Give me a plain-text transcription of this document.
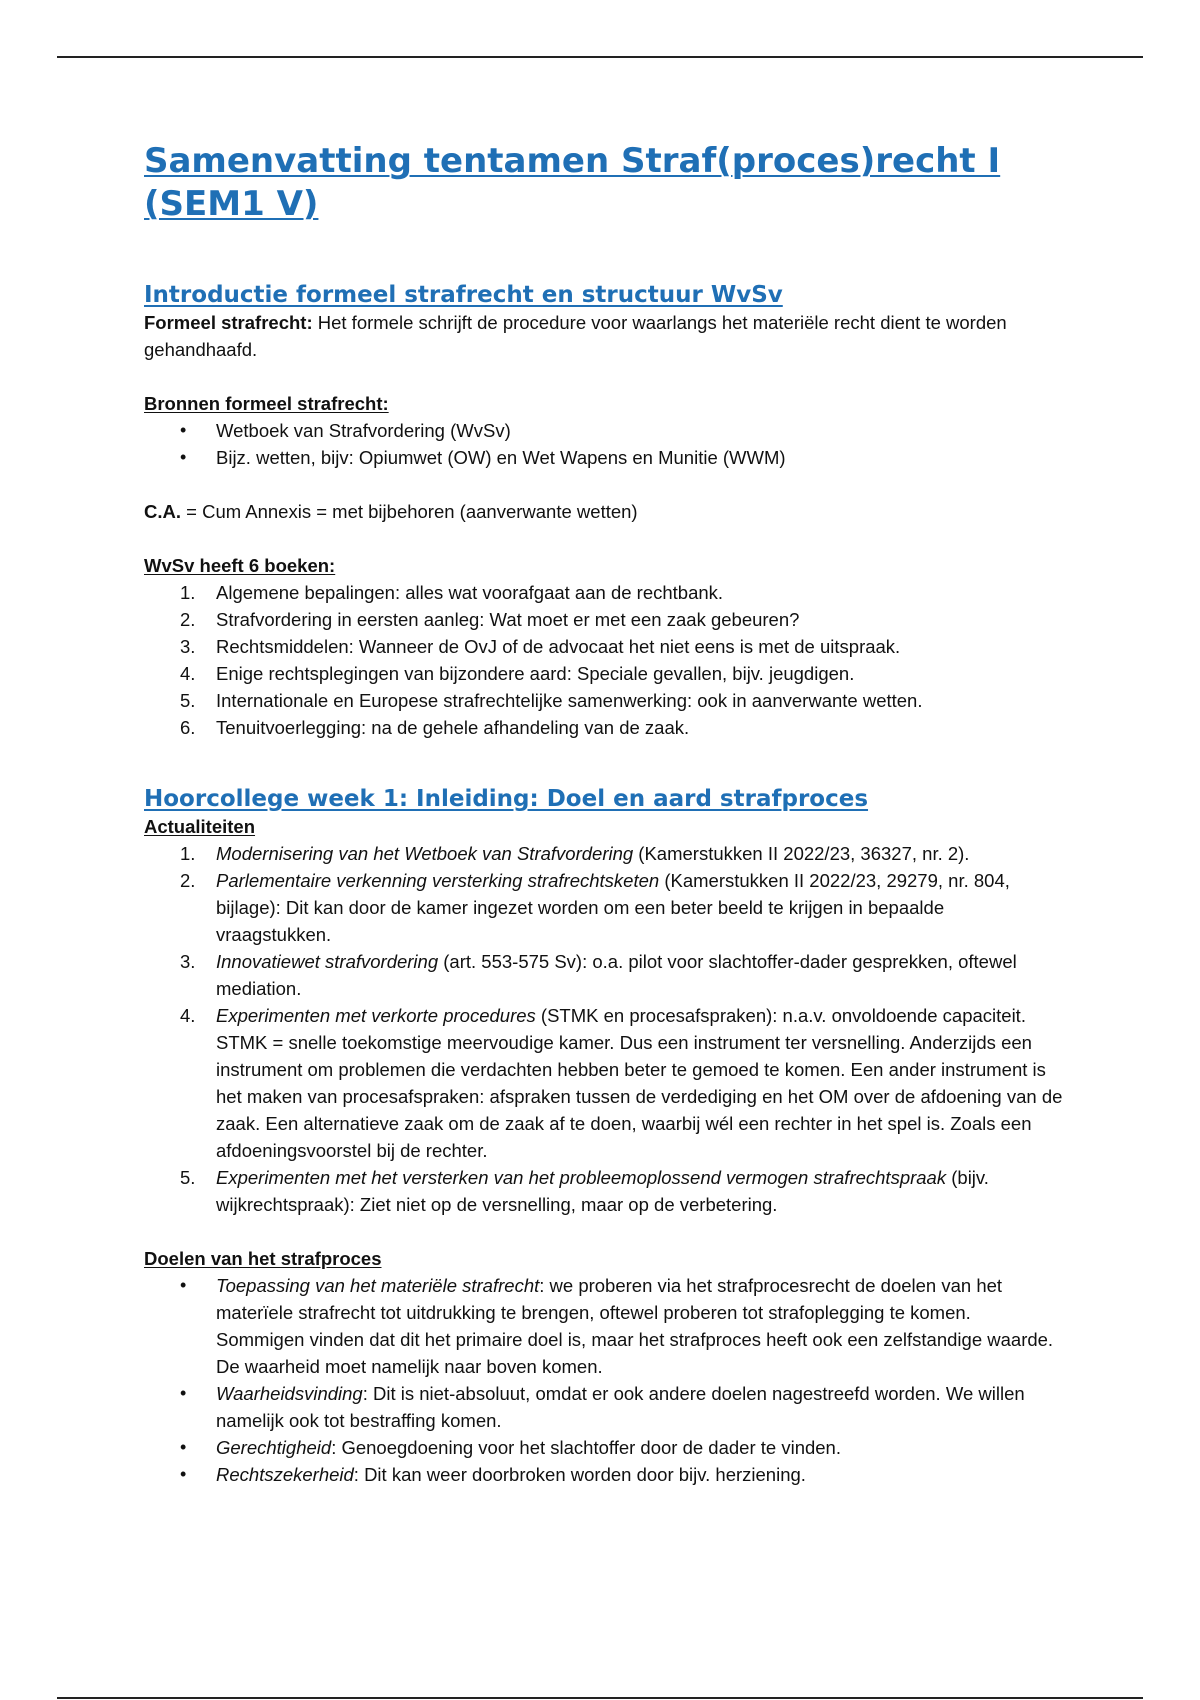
Samenvatting tentamen Straf(proces)recht I (SEM1 V)
Introductie formeel strafrecht en structuur WvSv

Formeel strafrecht: Het formele schrijft de procedure voor waarlangs het materiële recht dient te worden gehandhaafd.

Bronnen formeel strafrecht:

• Wetboek van Strafvordering (WvSv)
• Bijz. wetten, bijv: Opiumwet (OW) en Wet Wapens en Munitie (WWM)

C.A. = Cum Annexis = met bijbehoren (aanverwante wetten)

WvSv heeft 6 boeken:

Algemene bepalingen: alles wat voorafgaat aan de rechtbank.
Strafvordering in eersten aanleg: Wat moet er met een zaak gebeuren?
Rechtsmiddelen: Wanneer de OvJ of de advocaat het niet eens is met de uitspraak.
Enige rechtsplegingen van bijzondere aard: Speciale gevallen, bijv. jeugdigen.
Internationale en Europese strafrechtelijke samenwerking: ook in aanverwante wetten.
Tenuitvoerlegging: na de gehele afhandeling van de zaak.
Hoorcollege week 1: Inleiding: Doel en aard strafproces

Actualiteiten

Modernisering van het Wetboek van Strafvordering (Kamerstukken II 2022/23, 36327, nr. 2).
Parlementaire verkenning versterking strafrechtsketen (Kamerstukken II 2022/23, 29279, nr. 804, bijlage): Dit kan door de kamer ingezet worden om een beter beeld te krijgen in bepaalde vraagstukken.
Innovatiewet strafvordering (art. 553-575 Sv): o.a. pilot voor slachtoffer-dader gesprekken, oftewel mediation.
Experimenten met verkorte procedures (STMK en procesafspraken): n.a.v. onvoldoende capaciteit. STMK = snelle toekomstige meervoudige kamer. Dus een instrument ter versnelling. Anderzijds een instrument om problemen die verdachten hebben beter te gemoed te komen. Een ander instrument is het maken van procesafspraken: afspraken tussen de verdediging en het OM over de afdoening van de zaak. Een alternatieve zaak om de zaak af te doen, waarbij wél een rechter in het spel is. Zoals een afdoeningsvoorstel bij de rechter.
Experimenten met het versterken van het probleemoplossend vermogen strafrechtspraak (bijv. wijkrechtspraak): Ziet niet op de versnelling, maar op de verbetering.

Doelen van het strafproces

• Toepassing van het materiële strafrecht: we proberen via het strafprocesrecht de doelen van het materïele strafrecht tot uitdrukking te brengen, oftewel proberen tot strafoplegging te komen. Sommigen vinden dat dit het primaire doel is, maar het strafproces heeft ook een zelfstandige waarde. De waarheid moet namelijk naar boven komen.
• Waarheidsvinding: Dit is niet-absoluut, omdat er ook andere doelen nagestreefd worden. We willen namelijk ook tot bestraffing komen.
• Gerechtigheid: Genoegdoening voor het slachtoffer door de dader te vinden.
• Rechtszekerheid: Dit kan weer doorbroken worden door bijv. herziening.
